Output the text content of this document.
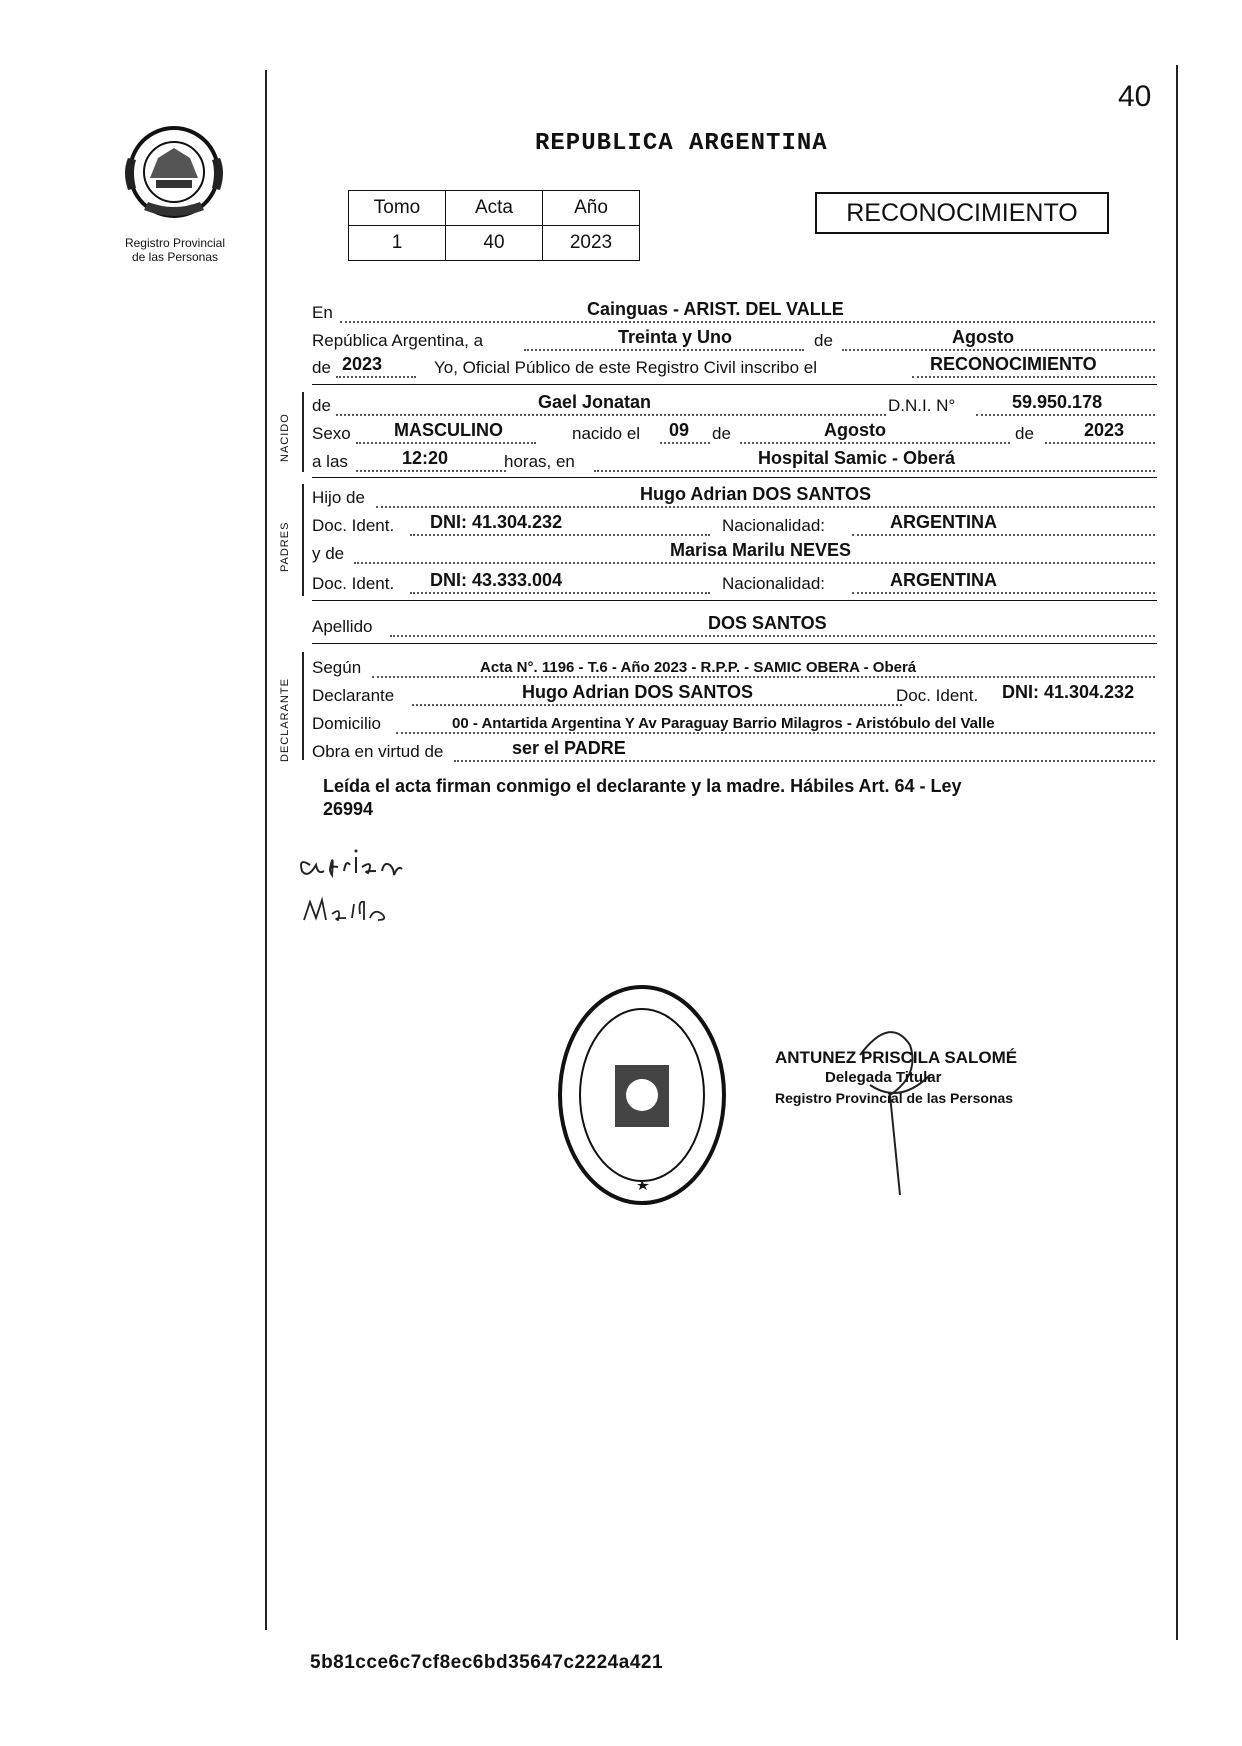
40
Registro Provincial
de las Personas
REPUBLICA ARGENTINA
Tomo	Acta	Año
1	40	2023
RECONOCIMIENTO
En	Cainguas - ARIST. DEL VALLE
República Argentina, a	Treinta y Uno	de	Agosto
de 2023	Yo, Oficial Público de este Registro Civil inscribo el	RECONOCIMIENTO
NACIDO
de	Gael Jonatan	D.N.I. N°	59.950.178
Sexo MASCULINO	nacido el 09 de	Agosto	de	2023
a las	12:20	horas, en	Hospital Samic - Oberá
PADRES
Hijo de	Hugo Adrian DOS SANTOS
Doc. Ident. DNI: 41.304.232	Nacionalidad:	ARGENTINA
y de	Marisa Marilu NEVES
Doc. Ident. DNI: 43.333.004	Nacionalidad:	ARGENTINA
Apellido	DOS SANTOS
DECLARANTE
Según	Acta N°. 1196 - T.6 - Año 2023 - R.P.P. - SAMIC OBERA - Oberá
Declarante	Hugo Adrian DOS SANTOS	Doc. Ident. DNI: 41.304.232
Domicilio	00 - Antartida Argentina Y Av Paraguay Barrio Milagros - Aristóbulo del Valle
Obra en virtud de	ser el PADRE
Leída el acta firman conmigo el declarante y la madre. Hábiles Art. 64 - Ley
26994
ANTUNEZ PRISCILA SALOMÉ
Delegada Titular
Registro Provincial de las Personas
5b81cce6c7cf8ec6bd35647c2224a421
